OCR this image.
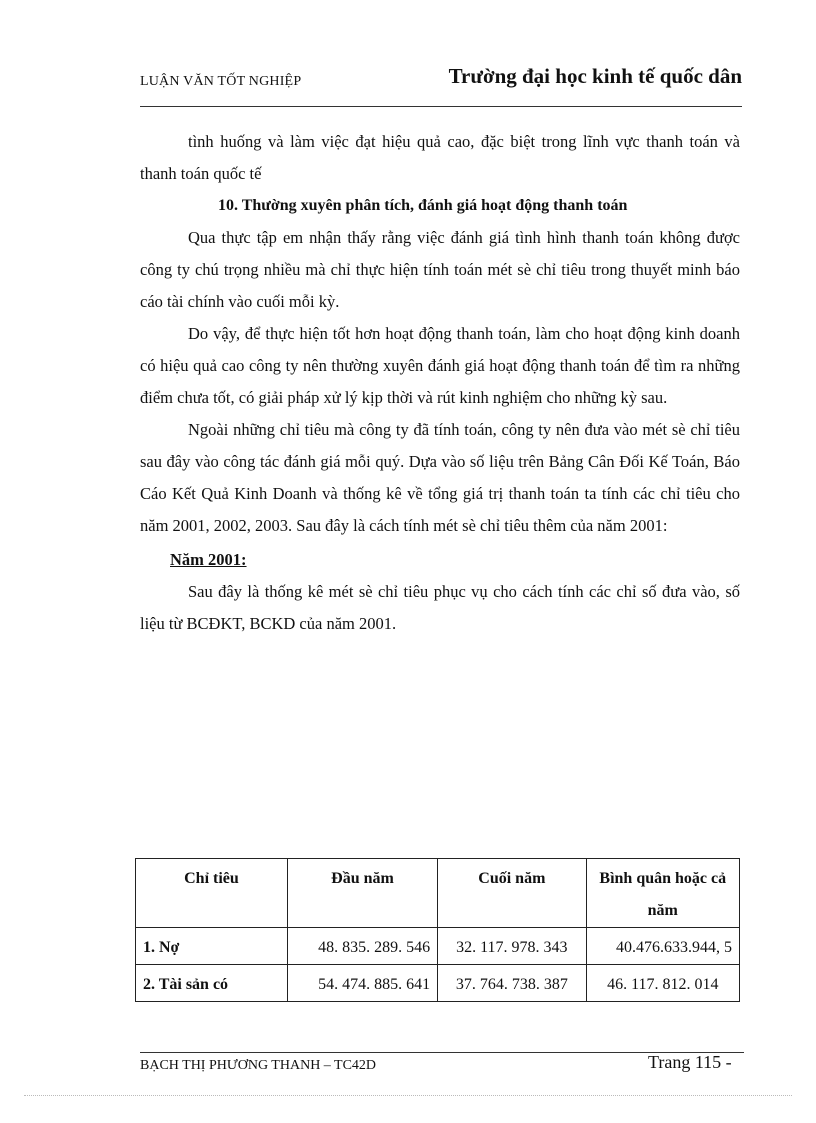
LUẬN VĂN TỐT NGHIỆP	Trường đại học kinh tế quốc dân

tình huống và làm việc đạt hiệu quả cao, đặc biệt trong lĩnh vực thanh toán và thanh toán quốc tế

10. Thường xuyên phân tích, đánh giá hoạt động thanh toán

Qua thực tập em nhận thấy rằng việc đánh giá tình hình thanh toán không được công ty chú trọng nhiều mà chỉ thực hiện tính toán mét sè chỉ tiêu trong thuyết minh báo cáo tài chính vào cuối mỗi kỳ.

Do vậy, để thực hiện tốt hơn hoạt động thanh toán, làm cho hoạt động kinh doanh có hiệu quả cao công ty nên thường xuyên đánh giá hoạt động thanh toán để tìm ra những điểm chưa tốt, có giải pháp xử lý kịp thời và rút kinh nghiệm cho những kỳ sau.

Ngoài những chỉ tiêu mà công ty đã tính toán, công ty nên đưa vào mét sè chỉ tiêu sau đây vào công tác đánh giá mỗi quý. Dựa vào số liệu trên Bảng Cân Đối Kế Toán, Báo Cáo Kết Quả Kinh Doanh và thống kê về tổng giá trị thanh toán ta tính các chỉ tiêu cho năm 2001, 2002, 2003. Sau đây là cách tính mét sè chỉ tiêu thêm của năm 2001:

Năm 2001:

Sau đây là thống kê mét sè chỉ tiêu phục vụ cho cách tính các chỉ số đưa vào, số liệu từ BCĐKT, BCKD của năm 2001.

Chỉ tiêu	Đầu năm	Cuối năm	Bình quân hoặc cả năm
1. Nợ	48. 835. 289. 546	32. 117. 978. 343	40.476.633.944, 5
2. Tài sản có	54. 474. 885. 641	37. 764. 738. 387	46. 117. 812. 014
BẠCH THỊ PHƯƠNG THANH – TC42D	Trang 115 -
